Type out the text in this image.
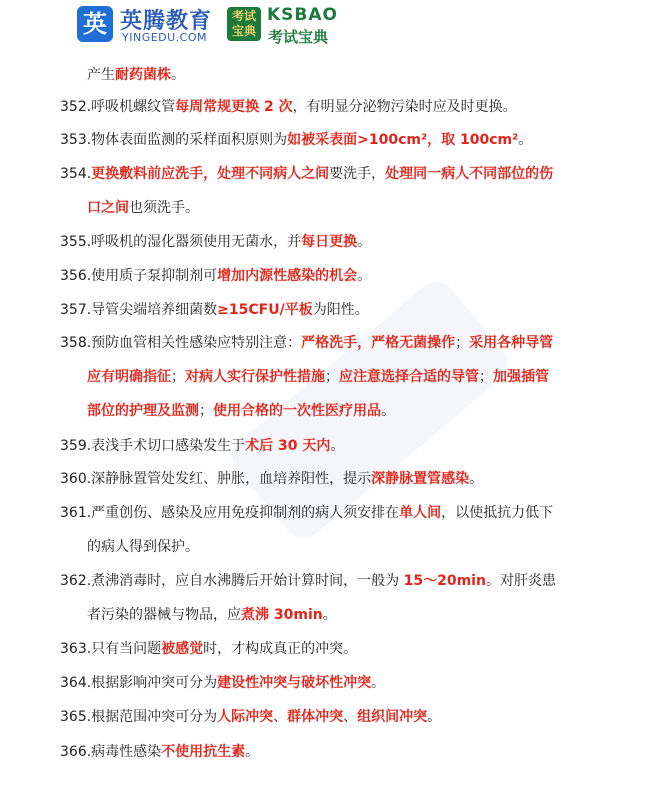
英 英腾教育
YINGEDU.COM
考试宝典
KSBAO
考试宝典
产生耐药菌株。
352.呼吸机螺纹管每周常规更换 2 次，有明显分泌物污染时应及时更换。
353.物体表面监测的采样面积原则为如被采表面>100cm²，取 100cm²。
354.更换敷料前应洗手，处理不同病人之间要洗手，处理同一病人不同部位的伤
口之间也须洗手。
355.呼吸机的湿化器须使用无菌水，并每日更换。
356.使用质子泵抑制剂可增加内源性感染的机会。
357.导管尖端培养细菌数≥15CFU/平板为阳性。
358.预防血管相关性感染应特别注意：严格洗手，严格无菌操作；采用各种导管
应有明确指征；对病人实行保护性措施；应注意选择合适的导管；加强插管
部位的护理及监测；使用合格的一次性医疗用品。
359.表浅手术切口感染发生于术后 30 天内。
360.深静脉置管处发红、肿胀，血培养阳性，提示深静脉置管感染。
361.严重创伤、感染及应用免疫抑制剂的病人须安排在单人间，以使抵抗力低下
的病人得到保护。
362.煮沸消毒时，应自水沸腾后开始计算时间，一般为 15～20min。对肝炎患
者污染的器械与物品，应煮沸 30min。
363.只有当问题被感觉时，才构成真正的冲突。
364.根据影响冲突可分为建设性冲突与破坏性冲突。
365.根据范围冲突可分为人际冲突、群体冲突、组织间冲突。
366.病毒性感染不使用抗生素。
